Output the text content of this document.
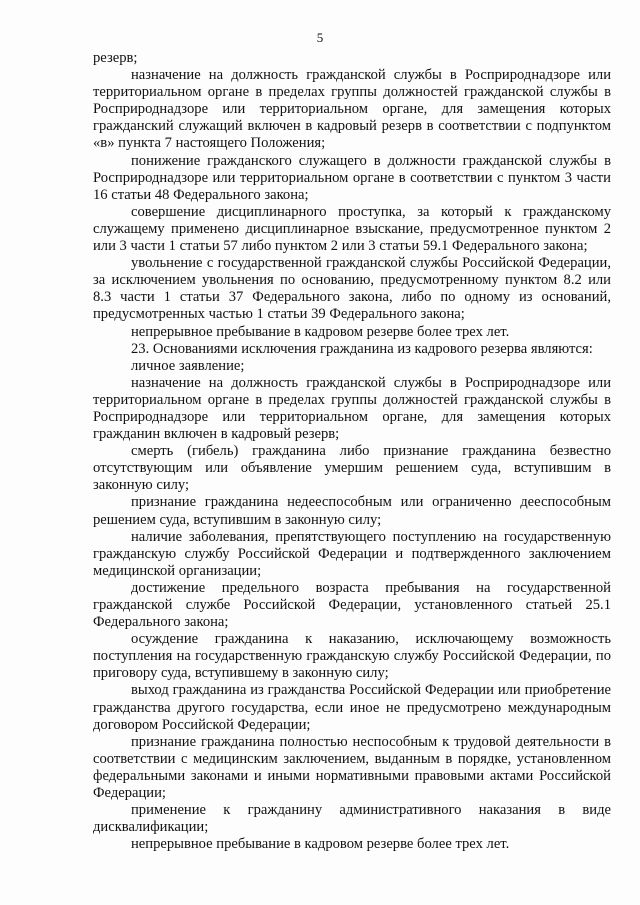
5

резерв;

назначение на должность гражданской службы в Росприроднадзоре или территориальном органе в пределах группы должностей гражданской службы в Росприроднадзоре или территориальном органе, для замещения которых гражданский служащий включен в кадровый резерв в соответствии с подпунктом «в» пункта 7 настоящего Положения;

понижение гражданского служащего в должности гражданской службы в Росприроднадзоре или территориальном органе в соответствии с пунктом 3 части 16 статьи 48 Федерального закона;

совершение дисциплинарного проступка, за который к гражданскому служащему применено дисциплинарное взыскание, предусмотренное пунктом 2 или 3 части 1 статьи 57 либо пунктом 2 или 3 статьи 59.1 Федерального закона;

увольнение с государственной гражданской службы Российской Федерации, за исключением увольнения по основанию, предусмотренному пунктом 8.2 или 8.3 части 1 статьи 37 Федерального закона, либо по одному из оснований, предусмотренных частью 1 статьи 39 Федерального закона;

непрерывное пребывание в кадровом резерве более трех лет.

23. Основаниями исключения гражданина из кадрового резерва являются:

личное заявление;

назначение на должность гражданской службы в Росприроднадзоре или территориальном органе в пределах группы должностей гражданской службы в Росприроднадзоре или территориальном органе, для замещения которых гражданин включен в кадровый резерв;

смерть (гибель) гражданина либо признание гражданина безвестно отсутствующим или объявление умершим решением суда, вступившим в законную силу;

признание гражданина недееспособным или ограниченно дееспособным решением суда, вступившим в законную силу;

наличие заболевания, препятствующего поступлению на государственную гражданскую службу Российской Федерации и подтвержденного заключением медицинской организации;

достижение предельного возраста пребывания на государственной гражданской службе Российской Федерации, установленного статьей 25.1 Федерального закона;

осуждение гражданина к наказанию, исключающему возможность поступления на государственную гражданскую службу Российской Федерации, по приговору суда, вступившему в законную силу;

выход гражданина из гражданства Российской Федерации или приобретение гражданства другого государства, если иное не предусмотрено международным договором Российской Федерации;

признание гражданина полностью неспособным к трудовой деятельности в соответствии с медицинским заключением, выданным в порядке, установленном федеральными законами и иными нормативными правовыми актами Российской Федерации;

применение к гражданину административного наказания в виде дисквалификации;

непрерывное пребывание в кадровом резерве более трех лет.
